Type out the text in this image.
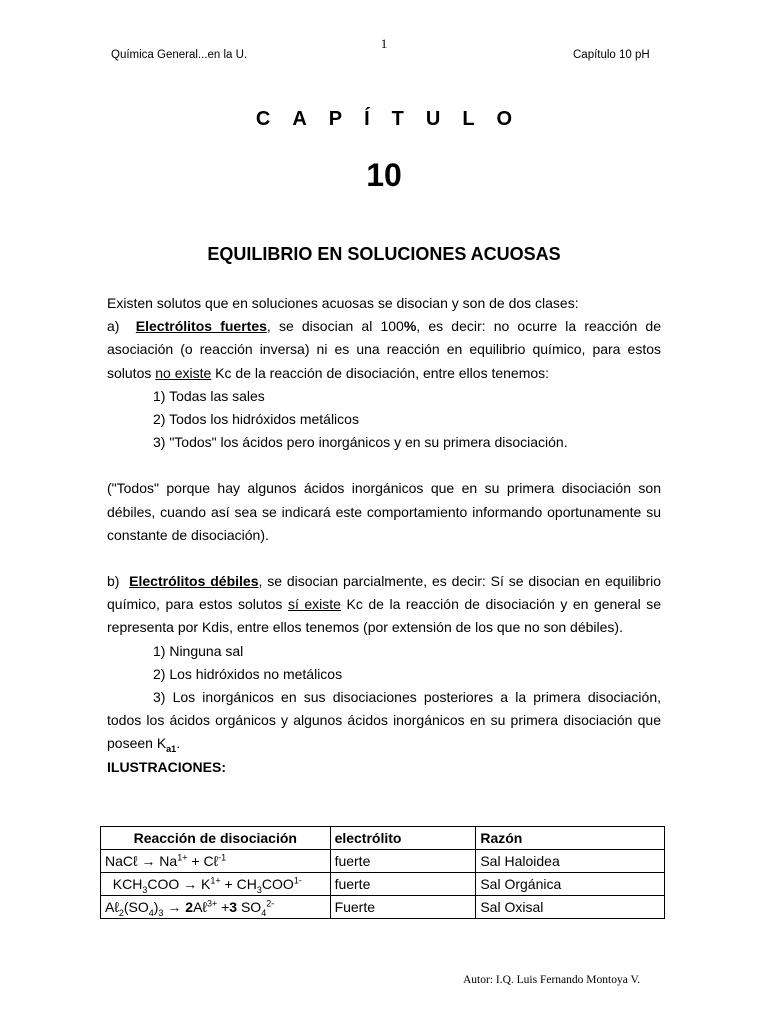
1
Química General...en la U.	Capítulo 10 pH
CAPÍTULO
10
EQUILIBRIO EN SOLUCIONES ACUOSAS

Existen solutos que en soluciones acuosas se disocian y son de dos clases:

a) Electrólitos fuertes, se disocian al 100%, es decir: no ocurre la reacción de asociación (o reacción inversa) ni es una reacción en equilibrio químico, para estos solutos no existe Kc de la reacción de disociación, entre ellos tenemos:

1) Todas las sales

2) Todos los hidróxidos metálicos

3) "Todos" los ácidos pero inorgánicos y en su primera disociación.

("Todos" porque hay algunos ácidos inorgánicos que en su primera disociación son débiles, cuando así sea se indicará este comportamiento informando oportunamente su constante de disociación).

b) Electrólitos débiles, se disocian parcialmente, es decir: Sí se disocian en equilibrio químico, para estos solutos sí existe Kc de la reacción de disociación y en general se representa por Kdis, entre ellos tenemos (por extensión de los que no son débiles).

1) Ninguna sal

2) Los hidróxidos no metálicos

3) Los inorgánicos en sus disociaciones posteriores a la primera disociación, todos los ácidos orgánicos y algunos ácidos inorgánicos en su primera disociación que poseen $K_{a1}$.

ILUSTRACIONES:

Reacción de disociación	electrólito	Razón
NaCℓ → $Na^{1+}$ + Cℓ$^{-1}$	fuerte	Sal Haloidea
$KCH_3COO \to K^{1+} + CH_3COO^{1-}$	fuerte	Sal Orgánica
$A\ell_2(SO_4)_3$ → 2Aℓ$^{3+}$ +3 $SO_4^{2-}$	Fuerte	Sal Oxisal
Autor: I.Q. Luis Fernando Montoya V.
